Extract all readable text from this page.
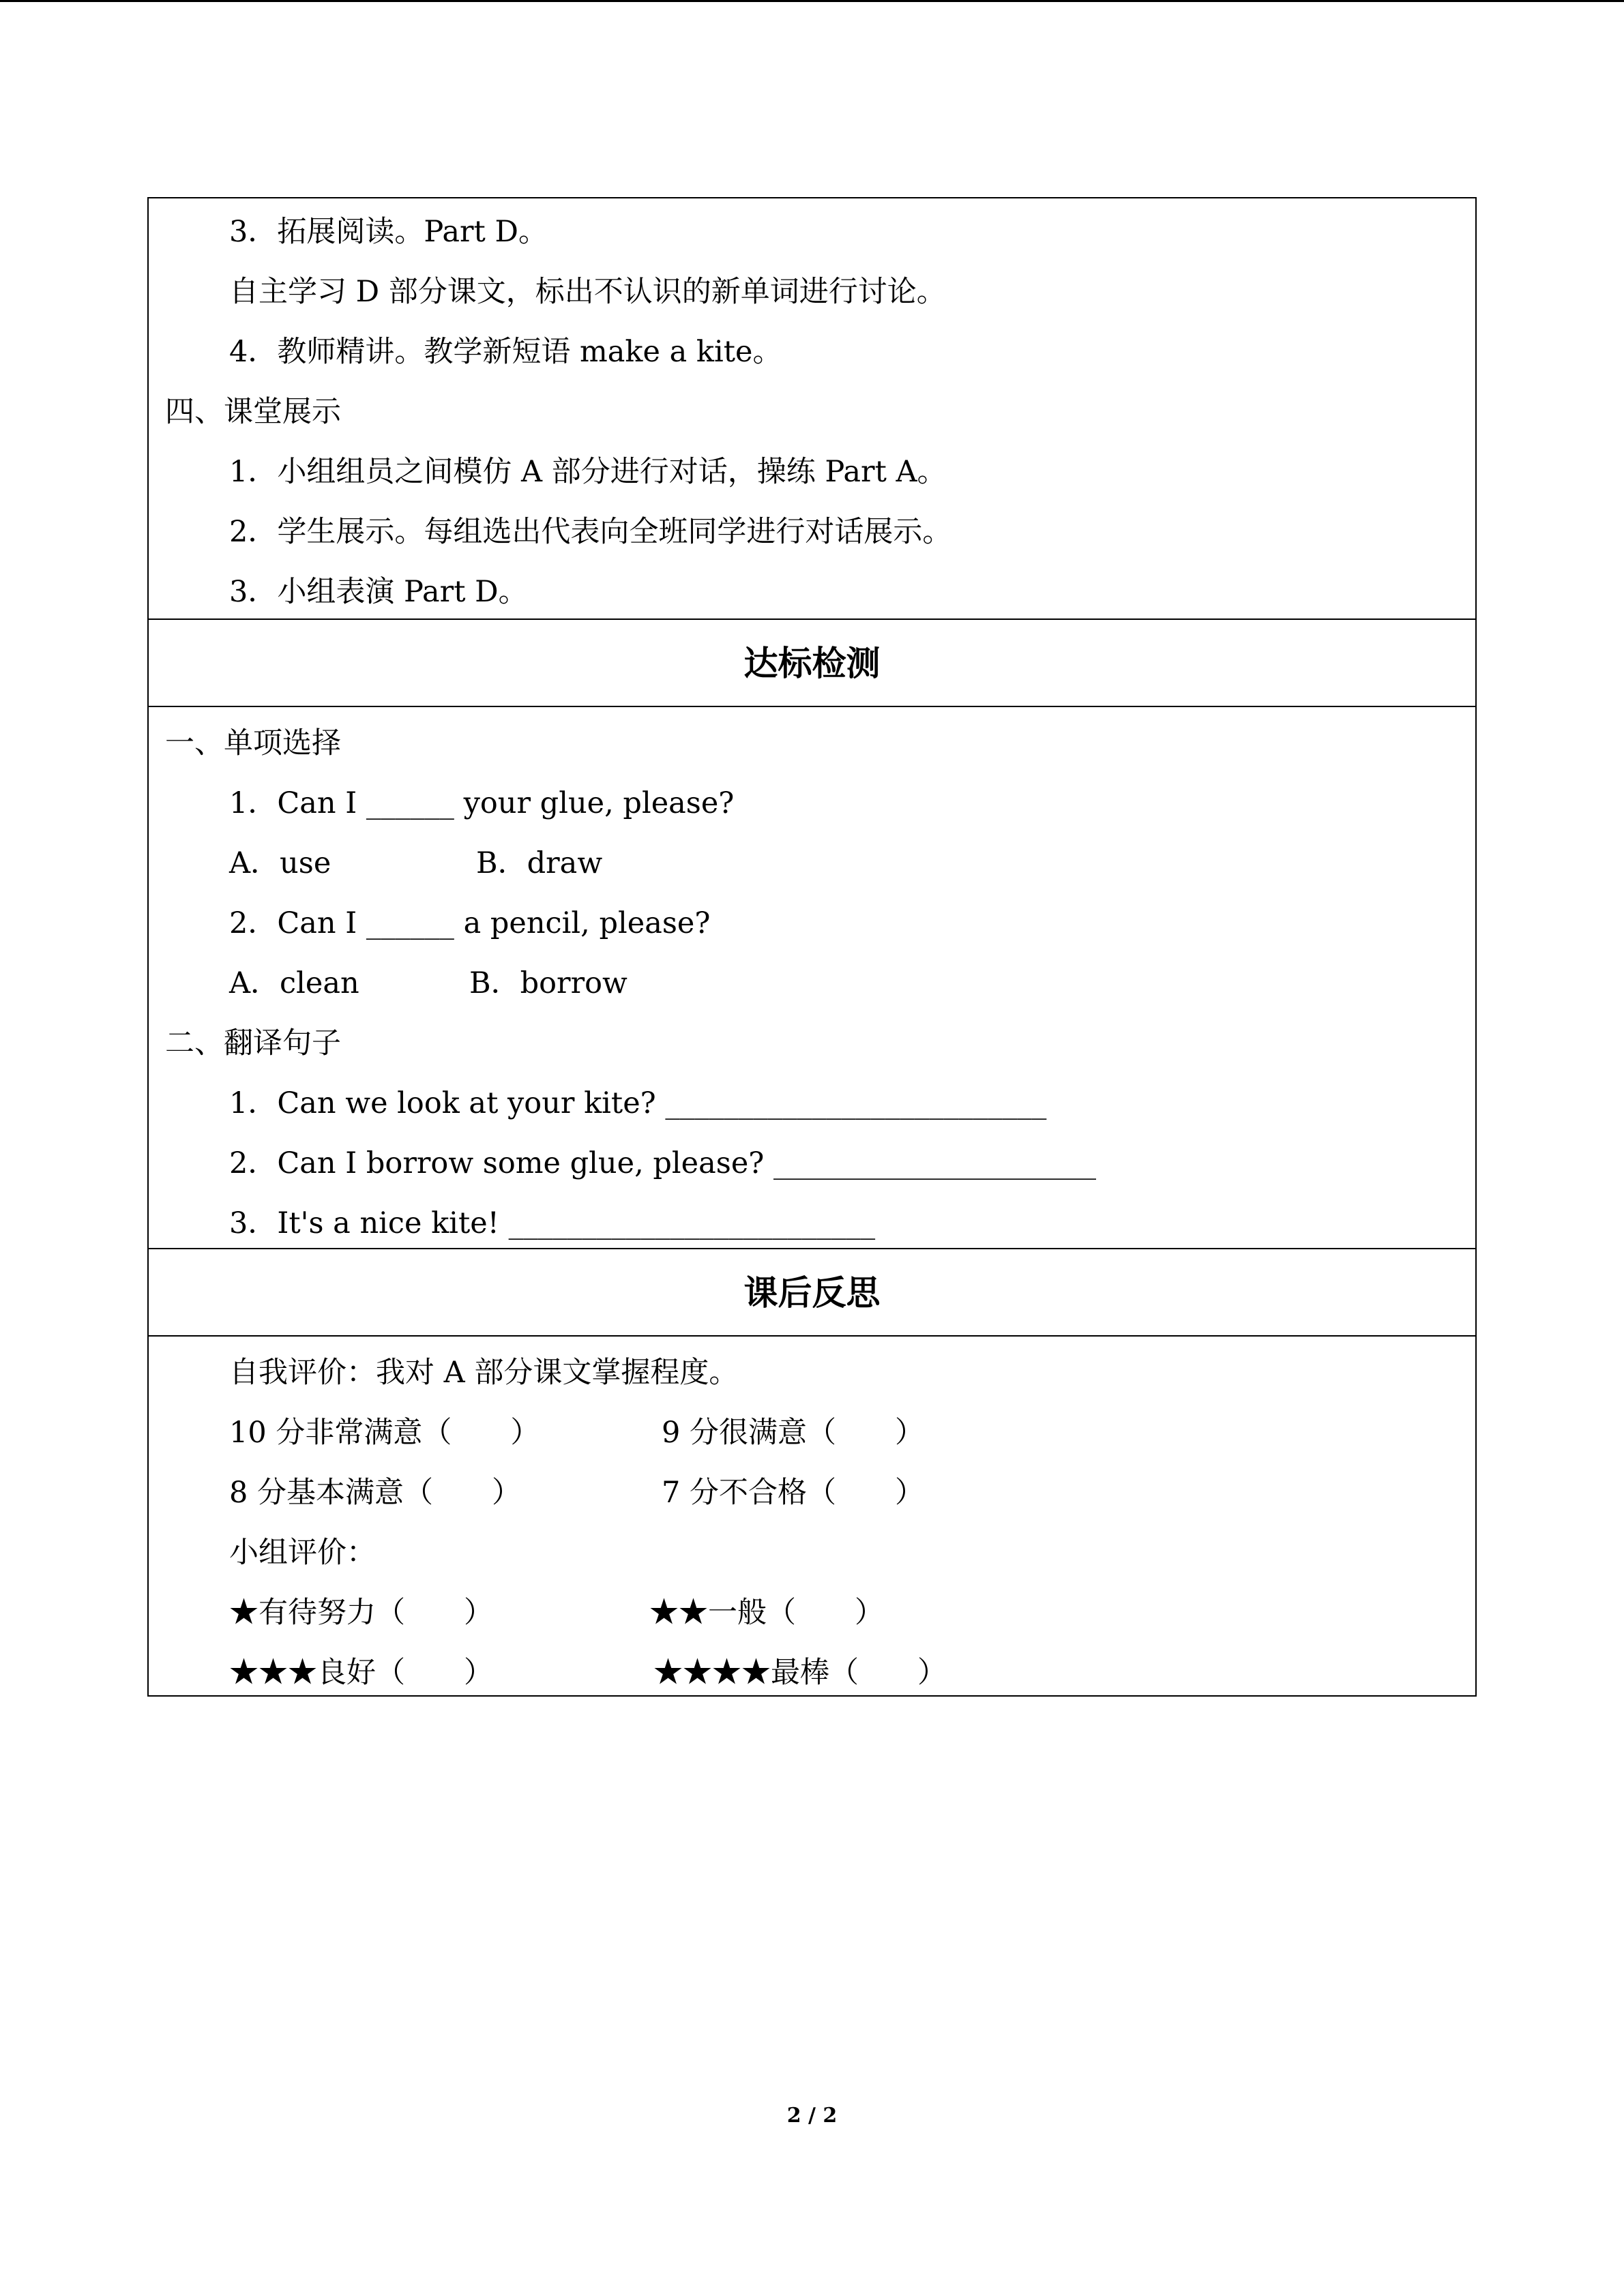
3．拓展阅读。Part D。
自主学习 D 部分课文，标出不认识的新单词进行讨论。
4．教师精讲。教学新短语 make a kite。
四、课堂展示
1．小组组员之间模仿 A 部分进行对话，操练 Part A。
2．学生展示。每组选出代表向全班同学进行对话展示。
3．小组表演 Part D。
达标检测
一、单项选择
1．Can I ______ your glue, please?
A．use	B．draw
2．Can I ______ a pencil, please?
A．clean	B．borrow
二、翻译句子
1．Can we look at your kite? __________________________
2．Can I borrow some glue, please? ______________________
3．It's a nice kite! _________________________
课后反思
自我评价：我对 A 部分课文掌握程度。
10 分非常满意（　　）	9 分很满意（　　）
8 分基本满意（　　）	7 分不合格（　　）
小组评价：
★有待努力（　　）	★★一般（　　）
★★★良好（　　）	★★★★最棒（　　）
2 / 2
